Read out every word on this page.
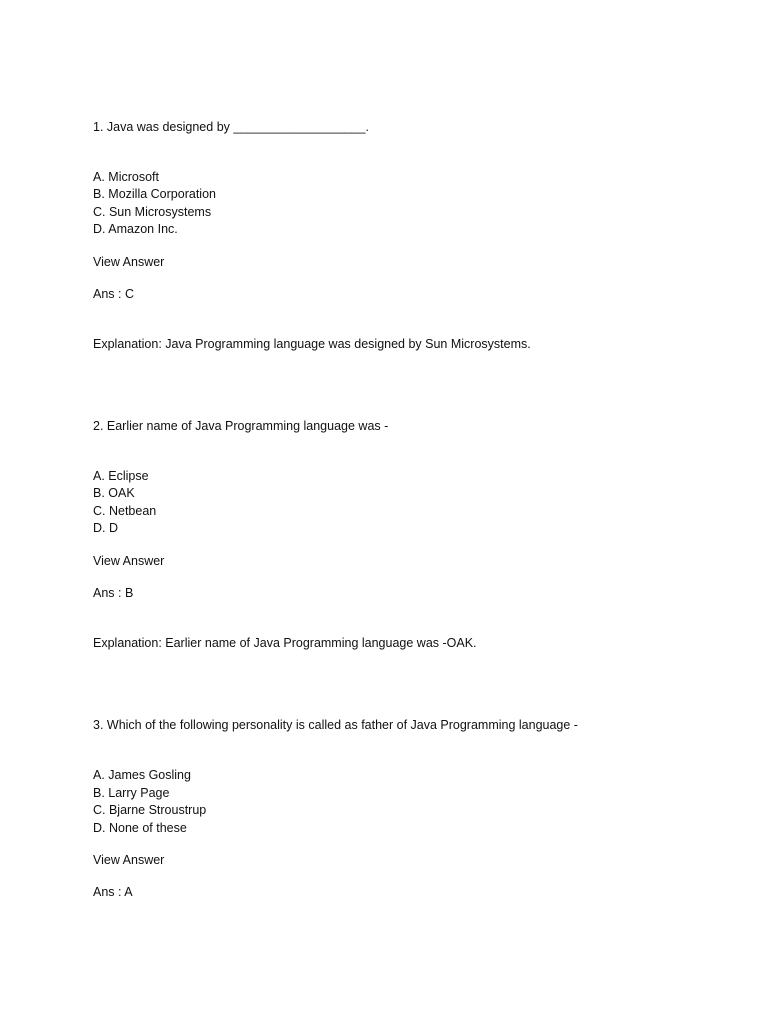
1. Java was designed by ___________________.
A. Microsoft
B. Mozilla Corporation
C. Sun Microsystems
D. Amazon Inc.
View Answer
Ans : C
Explanation: Java Programming language was designed by Sun Microsystems.
2. Earlier name of Java Programming language was -
A. Eclipse
B. OAK
C. Netbean
D. D
View Answer
Ans : B
Explanation: Earlier name of Java Programming language was -OAK.
3. Which of the following personality is called as father of Java Programming language -
A. James Gosling
B. Larry Page
C. Bjarne Stroustrup
D. None of these
View Answer
Ans : A
